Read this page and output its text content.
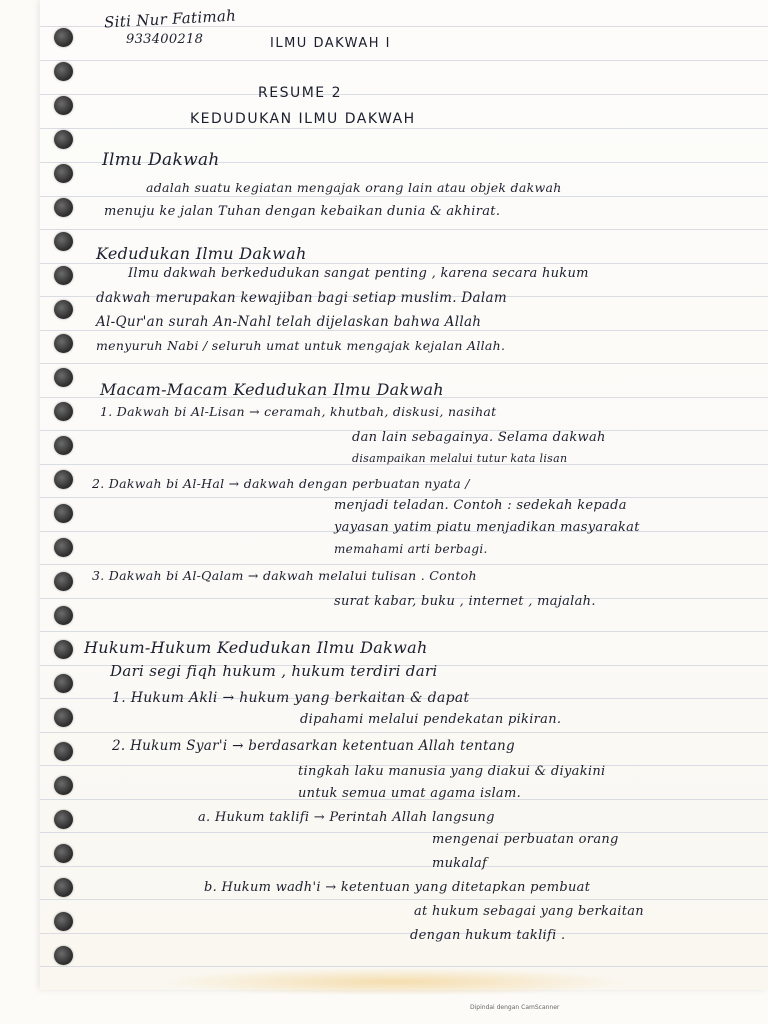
Siti Nur Fatimah

933400218	ILMU DAKWAH I

RESUME 2

KEDUDUKAN ILMU DAKWAH

Ilmu Dakwah

adalah suatu kegiatan mengajak orang lain atau objek dakwah

menuju ke jalan Tuhan dengan kebaikan dunia & akhirat.

Kedudukan Ilmu Dakwah

Ilmu dakwah berkedudukan sangat penting , karena secara hukum

dakwah merupakan kewajiban bagi setiap muslim. Dalam

Al-Qur'an surah An-Nahl telah dijelaskan bahwa Allah

menyuruh Nabi / seluruh umat untuk mengajak kejalan Allah.

Macam-Macam Kedudukan Ilmu Dakwah

1. Dakwah bi Al-Lisan → ceramah, khutbah, diskusi, nasihat

dan lain sebagainya. Selama dakwah

disampaikan melalui tutur kata lisan

2. Dakwah bi Al-Hal → dakwah dengan perbuatan nyata /

menjadi teladan. Contoh : sedekah kepada

yayasan yatim piatu menjadikan masyarakat

memahami arti berbagi.

3. Dakwah bi Al-Qalam → dakwah melalui tulisan . Contoh

surat kabar, buku , internet , majalah.

Hukum-Hukum Kedudukan Ilmu Dakwah

Dari segi fiqh hukum , hukum terdiri dari

1. Hukum Akli → hukum yang berkaitan & dapat

dipahami melalui pendekatan pikiran.

2. Hukum Syar'i → berdasarkan ketentuan Allah tentang

tingkah laku manusia yang diakui & diyakini

untuk semua umat agama islam.

a. Hukum taklifi → Perintah Allah langsung

mengenai perbuatan orang

mukalaf

b. Hukum wadh'i → ketentuan yang ditetapkan pembuat

at hukum sebagai yang berkaitan

dengan hukum taklifi .

Dipindai dengan CamScanner
